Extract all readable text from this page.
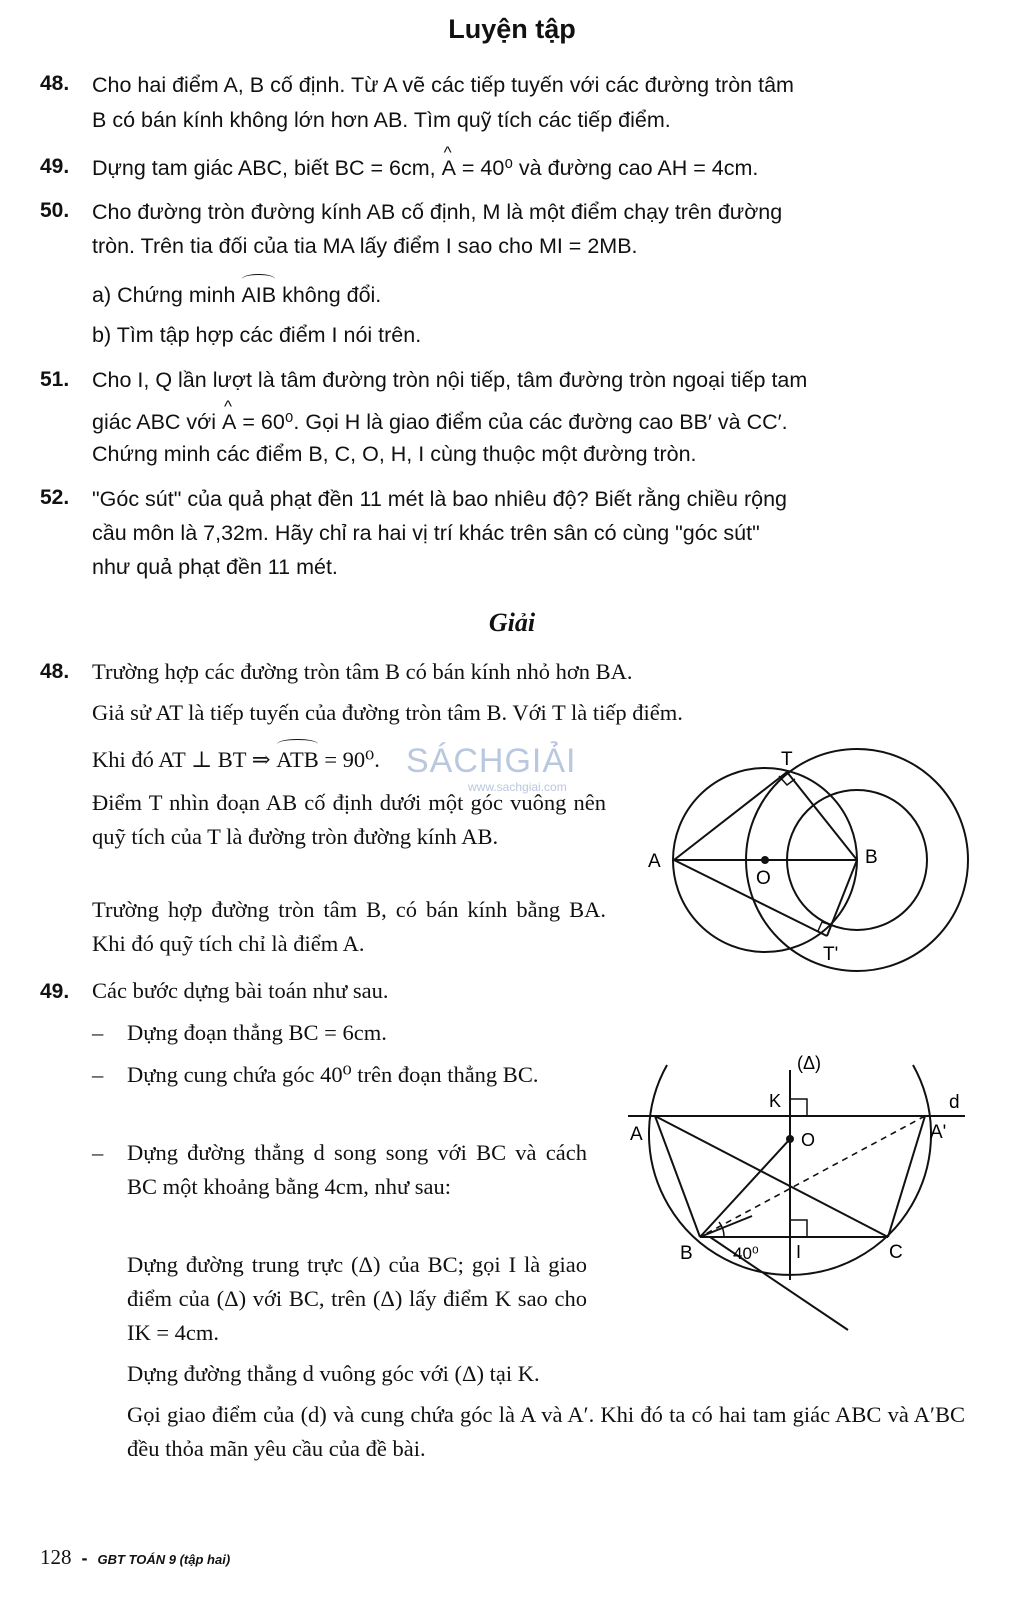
Luyện tập
48. Cho hai điểm A, B cố định. Từ A vẽ các tiếp tuyến với các đường tròn tâm
B có bán kính không lớn hơn AB. Tìm quỹ tích các tiếp điểm.
49. Dựng tam giác ABC, biết BC = 6cm, ^ A = 40⁰ và đường cao AH = 4cm.
50. Cho đường tròn đường kính AB cố định, M là một điểm chạy trên đường
tròn. Trên tia đối của tia MA lấy điểm I sao cho MI = 2MB.
a) Chứng minh AIB không đổi.
b) Tìm tập hợp các điểm I nói trên.
51. Cho I, Q lần lượt là tâm đường tròn nội tiếp, tâm đường tròn ngoại tiếp tam
giác ABC với ^ A = 60⁰. Gọi H là giao điểm của các đường cao BB′ và CC′.
Chứng minh các điểm B, C, O, H, I cùng thuộc một đường tròn.
52. "Góc sút" của quả phạt đền 11 mét là bao nhiêu độ? Biết rằng chiều rộng
cầu môn là 7,32m. Hãy chỉ ra hai vị trí khác trên sân có cùng "góc sút"
như quả phạt đền 11 mét.
Giải
48. Trường hợp các đường tròn tâm B có bán kính nhỏ hơn BA.
Giả sử AT là tiếp tuyến của đường tròn tâm B. Với T là tiếp điểm.
Khi đó AT ⊥ BT ⇒ ATB = 90⁰.
Điểm T nhìn đoạn AB cố định dưới một góc vuông nên quỹ tích của T là đường tròn đường kính AB.
Trường hợp đường tròn tâm B, có bán kính bằng BA. Khi đó quỹ tích chỉ là điểm A.
SÁCHGIẢI
www.sachgiai.com
A	B
O
T
T'
49. Các bước dựng bài toán như sau.
– Dựng đoạn thẳng BC = 6cm.
– Dựng cung chứa góc 40⁰ trên đoạn thẳng BC.
– Dựng đường thẳng d song song với BC và cách BC một khoảng bằng 4cm, như sau:
Dựng đường trung trực (Δ) của BC; gọi I là giao điểm của (Δ) với BC, trên (Δ) lấy điểm K sao cho IK = 4cm.
Dựng đường thẳng d vuông góc với (Δ) tại K.
Gọi giao điểm của (d) và cung chứa góc là A và A′. Khi đó ta có hai tam giác ABC và A′BC đều thỏa mãn yêu cầu của đề bài.
(Δ)
d
K
A	A'
O
B	C
I
40⁰
128 - GBT TOÁN 9 (tập hai)
